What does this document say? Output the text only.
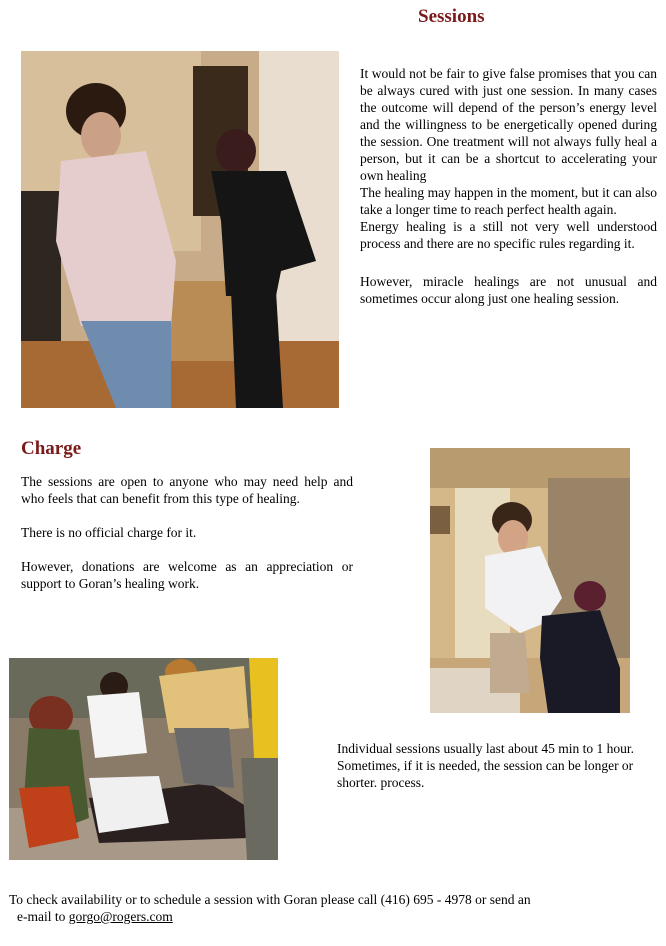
Sessions

It would not be fair to give false promises that you can be always cured with just one session. In many cases the outcome will depend of the person’s energy level and the willingness to be energetically opened during the session. One treatment will not always fully heal a person, but it can be a shortcut to accelerating your own healing

The healing may happen in the moment, but it can also take a longer time to reach perfect health again.

Energy healing is a still not very well understood process and there are no specific rules regarding it.

However, miracle healings are not unusual and sometimes occur along just one healing session.

Charge

The sessions are open to anyone who may need help and who feels that can benefit from this type of healing.

There is no official charge for it.

However, donations are welcome as an appreciation or support to Goran’s healing work.

Individual sessions usually last about 45 min to 1 hour. Sometimes, if it is needed, the session can be longer or shorter. process.

To check availability or to schedule a session with Goran please call (416) 695 - 4978 or send an

e-mail to gorgo@rogers.com
